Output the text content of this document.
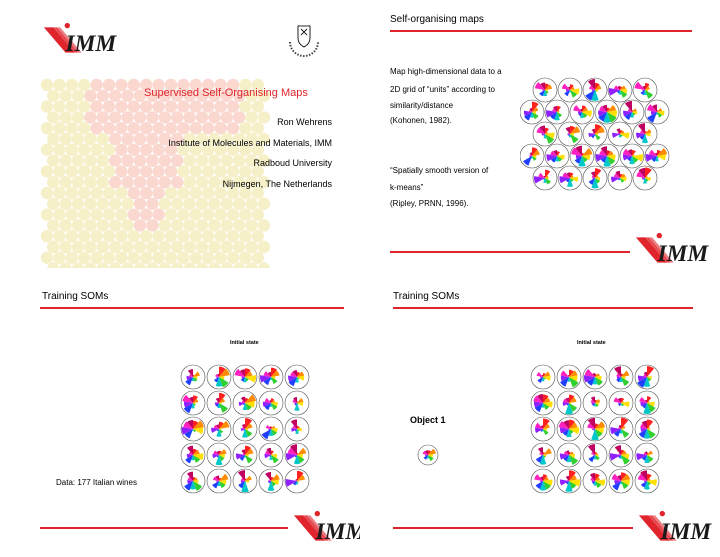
IMM
Supervised Self-Organising Maps
Ron Wehrens
Institute of Molecules and Materials, IMM
Radboud University
Nijmegen, The Netherlands
Self-organising maps
Map high-dimensional data to a
2D grid of “units” according to
similarity/distance
(Kohonen, 1982).
“Spatially smooth version of
k-means”
(Ripley, PRNN, 1996).
IMM
Training SOMs
Initial state
Data: 177 Italian wines
IMM
Training SOMs
Initial state
Object 1
IMM
